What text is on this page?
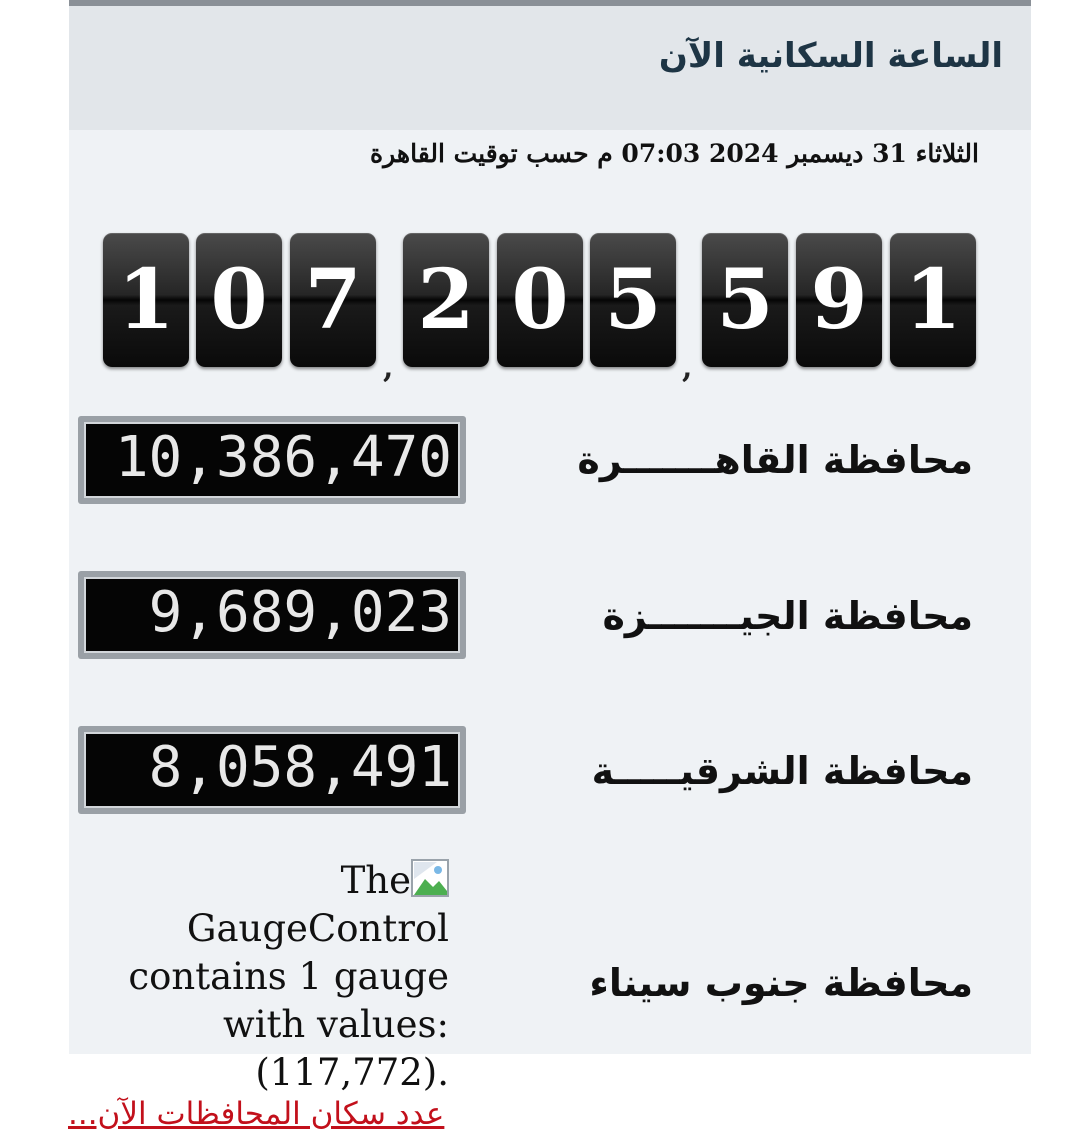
الساعة السكانية الآن
الثلاثاء 31 ديسمبر 2024 07:03 م حسب توقيت القاهرة
1 0 7
,
2 0 5
,
5 9 1
محافظة القاهـــــــرة
10,386,470
محافظة الجيـــــــزة
9,689,023
محافظة الشرقيـــــة
8,058,491
محافظة جنوب سيناء
The GaugeControl contains 1 gauge with values: (117,772).
عدد سكان المحافظات الآن...
